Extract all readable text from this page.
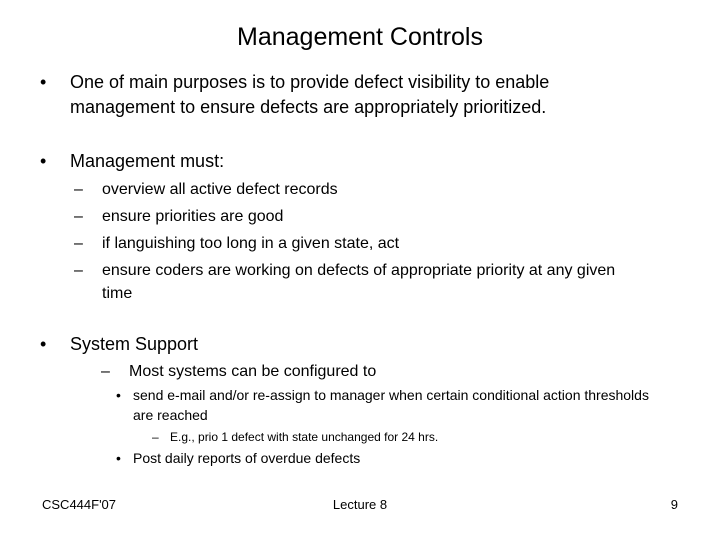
Management Controls
• One of main purposes is to provide defect visibility to enable management to ensure defects are appropriately prioritized.
• Management must:
– overview all active defect records
– ensure priorities are good
– if languishing too long in a given state, act
– ensure coders are working on defects of appropriate priority at any given time
• System Support
– Most systems can be configured to
• send e-mail and/or re-assign to manager when certain conditional action thresholds are reached
– E.g., prio 1 defect with state unchanged for 24 hrs.
• Post daily reports of overdue defects
CSC444F'07	Lecture 8	9
